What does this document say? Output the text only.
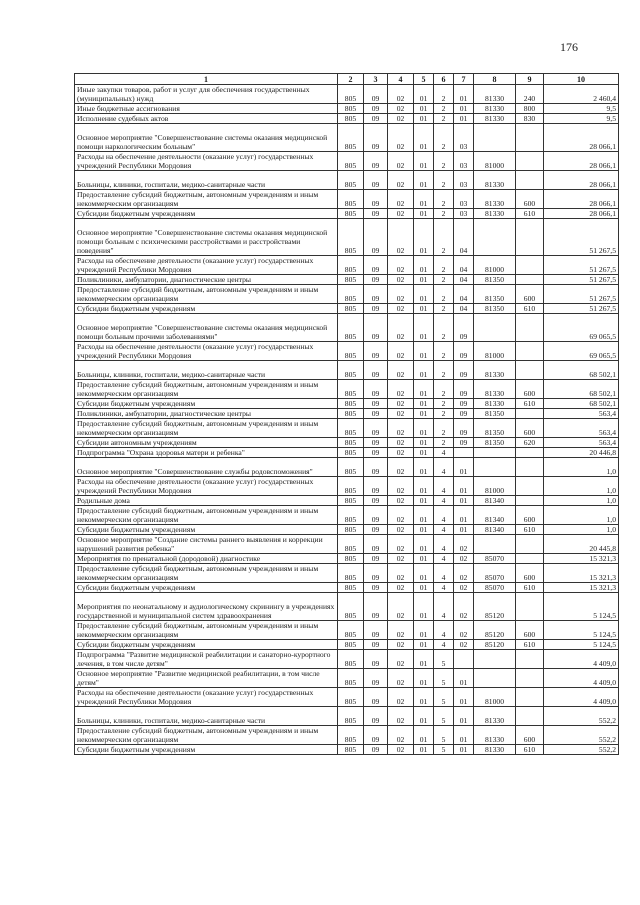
176
1	2	3	4	5	6	7	8	9	10
Иные закупки товаров, работ и услуг для обеспечения государственных (муниципальных) нужд	805	09	02	01	2	01	81330	240	2 460,4
Иные бюджетные ассигнования	805	09	02	01	2	01	81330	800	9,5
Исполнение судебных актов	805	09	02	01	2	01	81330	830	9,5
Основное мероприятие "Совершенствование системы оказания медицинской помощи наркологическим больным"	805	09	02	01	2	03			28 066,1
Расходы на обеспечение деятельности (оказание услуг) государственных учреждений Республики Мордовия	805	09	02	01	2	03	81000		28 066,1
Больницы, клиники, госпитали, медико-санитарные части	805	09	02	01	2	03	81330		28 066,1
Предоставление субсидий бюджетным, автономным учреждениям и иным некоммерческим организациям	805	09	02	01	2	03	81330	600	28 066,1
Субсидии бюджетным учреждениям	805	09	02	01	2	03	81330	610	28 066,1
Основное мероприятие "Совершенствование системы оказания медицинской помощи больным с психическими расстройствами и расстройствами поведения"	805	09	02	01	2	04			51 267,5
Расходы на обеспечение деятельности (оказание услуг) государственных учреждений Республики Мордовия	805	09	02	01	2	04	81000		51 267,5
Поликлиники, амбулатории, диагностические центры	805	09	02	01	2	04	81350		51 267,5
Предоставление субсидий бюджетным, автономным учреждениям и иным некоммерческим организациям	805	09	02	01	2	04	81350	600	51 267,5
Субсидии бюджетным учреждениям	805	09	02	01	2	04	81350	610	51 267,5
Основное мероприятие "Совершенствование системы оказания медицинской помощи больным прочими заболеваниями"	805	09	02	01	2	09			69 065,5
Расходы на обеспечение деятельности (оказание услуг) государственных учреждений Республики Мордовия	805	09	02	01	2	09	81000		69 065,5
Больницы, клиники, госпитали, медико-санитарные части	805	09	02	01	2	09	81330		68 502,1
Предоставление субсидий бюджетным, автономным учреждениям и иным некоммерческим организациям	805	09	02	01	2	09	81330	600	68 502,1
Субсидии бюджетным учреждениям	805	09	02	01	2	09	81330	610	68 502,1
Поликлиники, амбулатории, диагностические центры	805	09	02	01	2	09	81350		563,4
Предоставление субсидий бюджетным, автономным учреждениям и иным некоммерческим организациям	805	09	02	01	2	09	81350	600	563,4
Субсидии автономным учреждениям	805	09	02	01	2	09	81350	620	563,4
Подпрограмма "Охрана здоровья матери и ребенка"	805	09	02	01	4				20 446,8
Основное мероприятие "Совершенствование службы родовспоможения"	805	09	02	01	4	01			1,0
Расходы на обеспечение деятельности (оказание услуг) государственных учреждений Республики Мордовия	805	09	02	01	4	01	81000		1,0
Родильные дома	805	09	02	01	4	01	81340		1,0
Предоставление субсидий бюджетным, автономным учреждениям и иным некоммерческим организациям	805	09	02	01	4	01	81340	600	1,0
Субсидии бюджетным учреждениям	805	09	02	01	4	01	81340	610	1,0
Основное мероприятие "Создание системы раннего выявления и коррекции нарушений развития ребенка"	805	09	02	01	4	02			20 445,8
Мероприятия по пренатальной (дородовой) диагностике	805	09	02	01	4	02	85070		15 321,3
Предоставление субсидий бюджетным, автономным учреждениям и иным некоммерческим организациям	805	09	02	01	4	02	85070	600	15 321,3
Субсидии бюджетным учреждениям	805	09	02	01	4	02	85070	610	15 321,3
Мероприятия по неонатальному и аудиологическому скринингу в учреждениях государственной и муниципальной систем здравоохранения	805	09	02	01	4	02	85120		5 124,5
Предоставление субсидий бюджетным, автономным учреждениям и иным некоммерческим организациям	805	09	02	01	4	02	85120	600	5 124,5
Субсидии бюджетным учреждениям	805	09	02	01	4	02	85120	610	5 124,5
Подпрограмма "Развитие медицинской реабилитации и санаторно-курортного лечения, в том числе детям"	805	09	02	01	5				4 409,0
Основное мероприятие "Развитие медицинской реабилитации, в том числе детям"	805	09	02	01	5	01			4 409,0
Расходы на обеспечение деятельности (оказание услуг) государственных учреждений Республики Мордовия	805	09	02	01	5	01	81000		4 409,0
Больницы, клиники, госпитали, медико-санитарные части	805	09	02	01	5	01	81330		552,2
Предоставление субсидий бюджетным, автономным учреждениям и иным некоммерческим организациям	805	09	02	01	5	01	81330	600	552,2
Субсидии бюджетным учреждениям	805	09	02	01	5	01	81330	610	552,2
